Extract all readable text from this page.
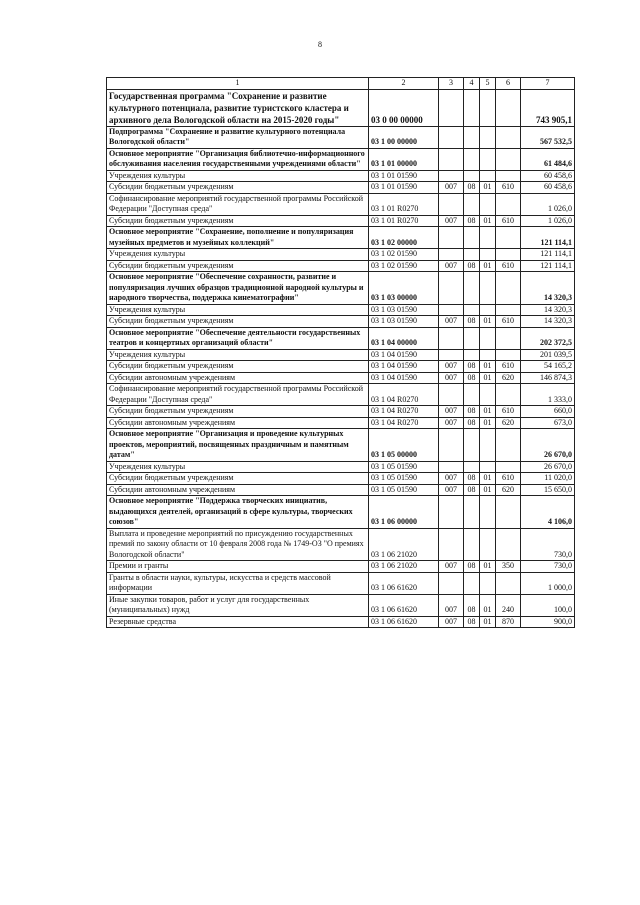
8
1	2	3	4	5	6	7
Государственная программа "Сохранение и развитие культурного потенциала, развитие туристского кластера и архивного дела Вологодской области на 2015-2020 годы"	03 0 00 00000					743 905,1
Подпрограмма "Сохранение и развитие культурного потенциала Вологодской области"	03 1 00 00000					567 532,5
Основное мероприятие "Организация библиотечно-информационного обслуживания населения государственными учреждениями области"	03 1 01 00000					61 484,6
Учреждения культуры	03 1 01 01590					60 458,6
Субсидии бюджетным учреждениям	03 1 01 01590	007	08	01	610	60 458,6
Софинансирование мероприятий государственной программы Российской Федерации "Доступная среда"	03 1 01 R0270					1 026,0
Субсидии бюджетным учреждениям	03 1 01 R0270	007	08	01	610	1 026,0
Основное мероприятие "Сохранение, пополнение и популяризация музейных предметов и музейных коллекций"	03 1 02 00000					121 114,1
Учреждения культуры	03 1 02 01590					121 114,1
Субсидии бюджетным учреждениям	03 1 02 01590	007	08	01	610	121 114,1
Основное мероприятие "Обеспечение сохранности, развитие и популяризация лучших образцов традиционной народной культуры и народного творчества, поддержка кинематографии"	03 1 03 00000					14 320,3
Учреждения культуры	03 1 03 01590					14 320,3
Субсидии бюджетным учреждениям	03 1 03 01590	007	08	01	610	14 320,3
Основное мероприятие "Обеспечение деятельности государственных театров и концертных организаций области"	03 1 04 00000					202 372,5
Учреждения культуры	03 1 04 01590					201 039,5
Субсидии бюджетным учреждениям	03 1 04 01590	007	08	01	610	54 165,2
Субсидии автономным учреждениям	03 1 04 01590	007	08	01	620	146 874,3
Софинансирование мероприятий государственной программы Российской Федерации "Доступная среда"	03 1 04 R0270					1 333,0
Субсидии бюджетным учреждениям	03 1 04 R0270	007	08	01	610	660,0
Субсидии автономным учреждениям	03 1 04 R0270	007	08	01	620	673,0
Основное мероприятие "Организация и проведение культурных проектов, мероприятий, посвященных праздничным и памятным датам"	03 1 05 00000					26 670,0
Учреждения культуры	03 1 05 01590					26 670,0
Субсидии бюджетным учреждениям	03 1 05 01590	007	08	01	610	11 020,0
Субсидии автономным учреждениям	03 1 05 01590	007	08	01	620	15 650,0
Основное мероприятие "Поддержка творческих инициатив, выдающихся деятелей, организаций в сфере культуры, творческих союзов"	03 1 06 00000					4 106,0
Выплата и проведение мероприятий по присуждению государственных премий по закону области от 10 февраля 2008 года № 1749-ОЗ "О премиях Вологодской области"	03 1 06 21020					730,0
Премии и гранты	03 1 06 21020	007	08	01	350	730,0
Гранты в области науки, культуры, искусства и средств массовой информации	03 1 06 61620					1 000,0
Иные закупки товаров, работ и услуг для государственных (муниципальных) нужд	03 1 06 61620	007	08	01	240	100,0
Резервные средства	03 1 06 61620	007	08	01	870	900,0
